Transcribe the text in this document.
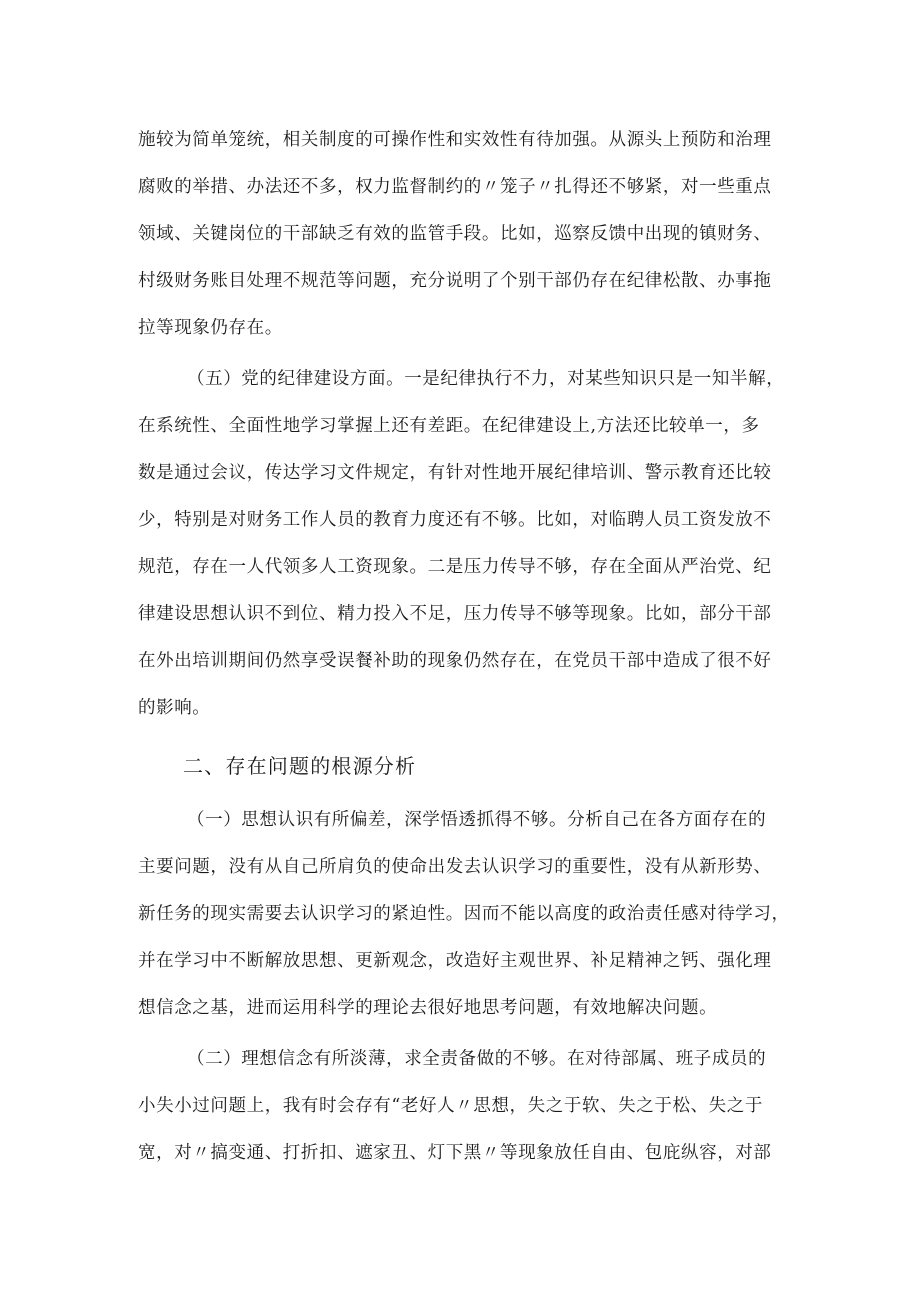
施较为简单笼统，相关制度的可操作性和实效性有待加强。从源头上预防和治理
腐败的举措、办法还不多，权力监督制约的〃笼子〃扎得还不够紧，对一些重点
领域、关键岗位的干部缺乏有效的监管手段。比如，巡察反馈中出现的镇财务、
村级财务账目处理不规范等问题，充分说明了个别干部仍存在纪律松散、办事拖
拉等现象仍存在。
（五）党的纪律建设方面。一是纪律执行不力，对某些知识只是一知半解，
在系统性、全面性地学习掌握上还有差距。在纪律建设上,方法还比较单一，多
数是通过会议，传达学习文件规定，有针对性地开展纪律培训、警示教育还比较
少，特别是对财务工作人员的教育力度还有不够。比如，对临聘人员工资发放不
规范，存在一人代领多人工资现象。二是压力传导不够，存在全面从严治党、纪
律建设思想认识不到位、精力投入不足，压力传导不够等现象。比如，部分干部
在外出培训期间仍然享受误餐补助的现象仍然存在，在党员干部中造成了很不好
的影响。
二、存在问题的根源分析
（一）思想认识有所偏差，深学悟透抓得不够。分析自己在各方面存在的
主要问题，没有从自己所肩负的使命出发去认识学习的重要性，没有从新形势、
新任务的现实需要去认识学习的紧迫性。因而不能以高度的政治责任感对待学习，
并在学习中不断解放思想、更新观念，改造好主观世界、补足精神之钙、强化理
想信念之基，进而运用科学的理论去很好地思考问题，有效地解决问题。
（二）理想信念有所淡薄，求全责备做的不够。在对待部属、班子成员的
小失小过问题上，我有时会存有“老好人〃思想，失之于软、失之于松、失之于
宽，对〃搞变通、打折扣、遮家丑、灯下黑〃等现象放任自由、包庇纵容，对部
